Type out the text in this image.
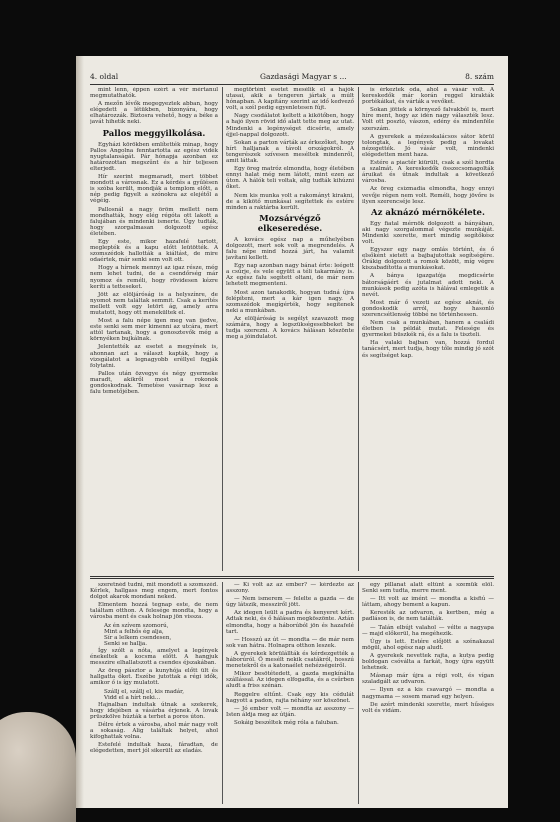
4. oldal	Gazdasági Magyar s ...	8. szám

mint lenn, éppen ezért a vér mértanul megmutathatók.

A mezőn lévők megegyeztek abban, hogy elégedett a létükben, bizonyára, hogy elhatározzák. Biztosra vehető, hogy a béke a javát hihetik neki.

Pallos meggyilkolása.

Egyházi körökben említették minap, hogy Pallos Angolna fenntartotta az egész vidék nyugtalanságát. Pár hónapja azonban ez határozottan megszűnt és a hír teljesen elterjedt.

Hír szerint megmaradt, mert többet mondott a városnak. Ez a kérdés a gyűlésen is szóba került, mondják a templom előtt, a nép pedig figyelt a szónokra az elejétől a végéig.

Pallosnál a nagy öröm mellett nem mondhatták, hogy elég régóta ott lakott a falujában és mindenki ismerte. Úgy tudták, hogy szorgalmasan dolgozott egész életében.

Egy este, mikor hazafelé tartott, meglepték és a kapu előtt leütötték. A szomszédok hallották a kiáltást, de mire odaértek, már senki sem volt ott.

Hogy a hírnek mennyi az igaz része, még nem lehet tudni, de a csendőrség már nyomoz és reméli, hogy rövidesen kézre keríti a tetteseket.

Jött az elöljáróság is a helyszínre, de nyomot nem találtak semmit. Csak a kerítés mellett volt egy letört ág, amely arra mutatott, hogy ott menekültek el.

Most a falu népe igen meg van ijedve, este senki sem mer kimenni az utcára, mert attól tartanak, hogy a gonosztevők még a környéken bujkálnak.

Jelentették az esetet a megyének is, ahonnan azt a választ kapták, hogy a vizsgálatot a legnagyobb eréllyel fogják folytatni.

Pallos után özvegye és négy gyermeke maradt, akikről most a rokonok gondoskodnak. Temetése vasárnap lesz a falu temetőjében.

megtörtént esetet mesélik el a hajók utasai, akik a tengeren jártak a múlt hónapban. A kapitány szerint az idő kedvező volt, a szél pedig egyenletesen fújt.

Nagy csodálatot keltett a kikötőben, hogy a hajó ilyen rövid idő alatt tette meg az utat. Mindenki a legénységet dicsérte, amely éjjel-nappal dolgozott.

Sokan a parton várták az érkezőket, hogy hírt halljanak a távoli országokról. A tengerészek szívesen meséltek mindenről, amit láttak.

Egy öreg matróz elmondta, hogy életében ennyi halat még nem látott, mint ezen az úton. A hálók teli voltak, alig tudták kihúzni őket.

Nem kis munka volt a rakományt kirakni, de a kikötő munkásai segítettek és estére minden a raktárba került.

Mozsárvégző elkeseredése.

A kovács egész nap a műhelyében dolgozott, mert sok volt a megrendelés. A falu népe mind hozzá járt, ha valamit javítani kellett.

Egy nap azonban nagy bánat érte: leégett a csűrje, és vele együtt a téli takarmány is. Az egész falu segített oltani, de már nem lehetett megmenteni.

Most azon tanakodik, hogyan tudná újra felépíteni, mert a kár igen nagy. A szomszédok megígérték, hogy segítenek neki a munkában.

Az elöljáróság is segélyt szavazott meg számára, hogy a legszükségesebbeket be tudja szerezni. A kovács hálásan köszönte meg a jóindulatot.

is érkeztek oda, ahol a vásár volt. A kereskedők már korán reggel kirakták portékáikat, és várták a vevőket.

Sokan jöttek a környező falvakból is, mert híre ment, hogy az idén nagy választék lesz. Volt ott posztó, vászon, edény és mindenféle szerszám.

A gyerekek a mézeskalácsos sátor körül tolongtak, a legények pedig a lovakat nézegették. Jó vásár volt, mindenki elégedetten ment haza.

Estére a piactér kiürült, csak a szél hordta a szalmát. A kereskedők összecsomagolták áruikat és útnak indultak a következő városba.

Az öreg csizmadia elmondta, hogy ennyi vevője régen nem volt. Reméli, hogy jövőre is ilyen szerencséje lesz.

Az aknázó mérnökélete.

Egy fiatal mérnök dolgozott a bányában, aki nagy szorgalommal végezte munkáját. Mindenki szerette, mert mindig segítőkész volt.

Egyszer egy nagy omlás történt, és ő elsőként sietett a bajbajutottak segítségére. Órákig dolgozott a romok között, míg végre kiszabadította a munkásokat.

A bánya igazgatója megdicsérte bátorságáért és jutalmat adott neki. A munkások pedig azóta is hálával emlegetik a nevét.

Most már ő vezeti az egész aknát, és gondoskodik arról, hogy hasonló szerencsétlenség többé ne történhessen.

Nem csak a munkában, hanem a családi életben is példát mutat. Felesége és gyermekei büszkék rá, és a falu is tiszteli.

Ha valaki bajban van, hozzá fordul tanácsért, mert tudja, hogy tőle mindig jó szót és segítséget kap.

szeretnéd tudni, mit mondott a szomszéd. Kérlek, hallgass meg engem, mert fontos dolgot akarok mondani neked.

Elmentem hozzá tegnap este, de nem találtam otthon. A felesége mondta, hogy a városba ment és csak holnap jön vissza.

Az én szívem szomorú,
Mint a felhős ég alja,
Sír a lelkem csendesen,
Senki se hallja.

Így szólt a nóta, amelyet a legények énekeltek a kocsma előtt. A hangjuk messzire elhallatszott a csendes éjszakában.

Az öreg pásztor a kunyhója előtt ült és hallgatta őket. Eszébe jutottak a régi idők, amikor ő is így mulatott.

Szállj el, szállj el, kis madár,
Vidd el a hírt neki...

Hajnalban indultak útnak a szekerek, hogy idejében a vásárba érjenek. A lovak prüszkölve húzták a terhet a poros úton.

Délre értek a városba, ahol már nagy volt a sokaság. Alig találtak helyet, ahol kifoghattak volna.

Estefelé indultak haza, fáradtan, de elégedetten, mert jól sikerült az eladás.

— Ki volt az az ember? — kérdezte az asszony.

— Nem ismerem — felelte a gazda — de úgy látszik, messziről jött.

Az idegen leült a padra és kenyeret kért. Adtak neki, és ő hálásan megköszönte. Aztán elmondta, hogy a háborúból jön és hazafelé tart.

— Hosszú az út — mondta — de már nem sok van hátra. Holnapra otthon leszek.

A gyerekek körülállták és kérdezgették a háborúról. Ő mesélt nekik csatákról, hosszú menetekről és a katonaélet nehézségeiről.

Mikor besötétedett, a gazda megkínálta szállással. Az idegen elfogadta, és a csűrben aludt a friss szénán.

Reggelre eltűnt. Csak egy kis cédulát hagyott a padon, rajta néhány sor köszönet.

— Jó ember volt — mondta az asszony — Isten áldja meg az útján.

Sokáig beszéltek még róla a faluban.

egy pillanat alatt eltűnt a szemük elől. Senki sem tudta, merre ment.

— Itt volt az imént — mondta a kisfiú — láttam, ahogy bement a kapun.

Keresték az udvaron, a kertben, még a padláson is, de nem találták.

— Talán elbújt valahol — vélte a nagyapa — majd előkerül, ha megéhezik.

Úgy is lett. Estére előjött a szénakazal mögül, ahol egész nap aludt.

A gyerekek nevettek rajta, a kutya pedig boldogan csóválta a farkát, hogy újra együtt lehetnek.

Másnap már újra a régi volt, és vígan szaladgált az udvaron.

— Ilyen ez a kis csavargó — mondta a nagymama — sosem marad egy helyen.

De azért mindenki szerette, mert hűséges volt és vidám.
